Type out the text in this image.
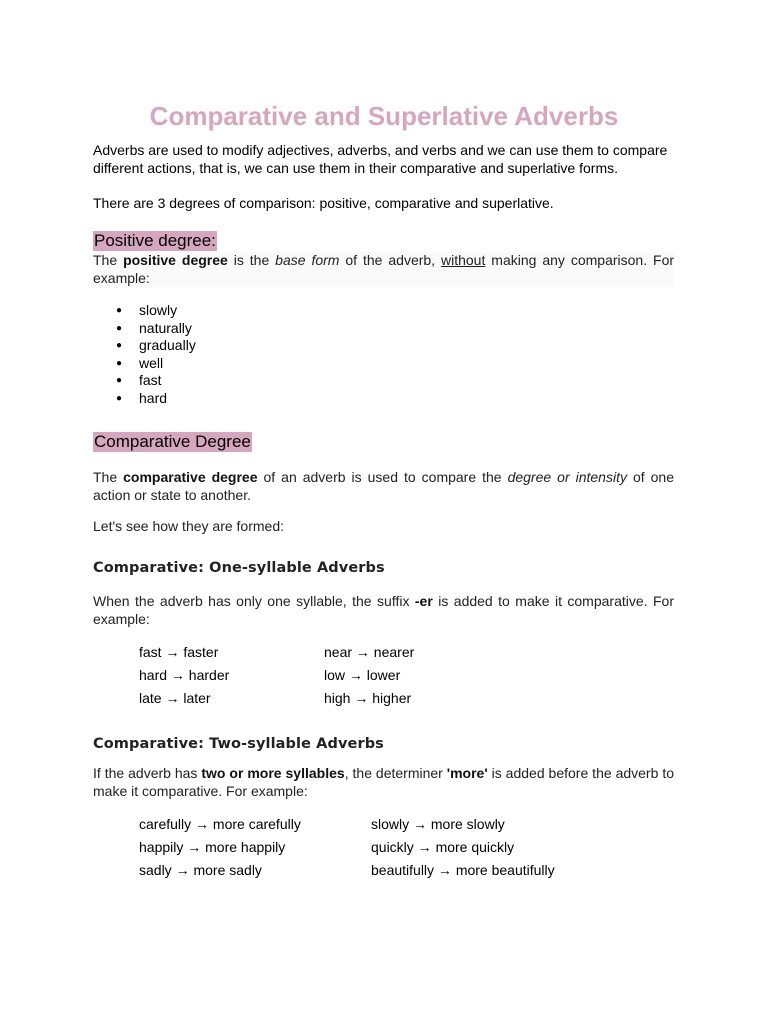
Comparative and Superlative Adverbs

Adverbs are used to modify adjectives, adverbs, and verbs and we can use them to compare different actions, that is, we can use them in their comparative and superlative forms.

There are 3 degrees of comparison: positive, comparative and superlative.

Positive degree:

The positive degree is the base form of the adverb, without making any comparison. For example:

● slowly
● naturally
● gradually
● well
● fast
● hard
Comparative Degree

The comparative degree of an adverb is used to compare the degree or intensity of one action or state to another.

Let's see how they are formed:

Comparative: One-syllable Adverbs

When the adverb has only one syllable, the suffix -er is added to make it comparative. For example:

fast → faster
hard → harder
late → later
near → nearer
low → lower
high → higher
Comparative: Two-syllable Adverbs

If the adverb has two or more syllables, the determiner 'more' is added before the adverb to make it comparative. For example:

carefully → more carefully
happily → more happily
sadly → more sadly
slowly → more slowly
quickly → more quickly
beautifully → more beautifully
